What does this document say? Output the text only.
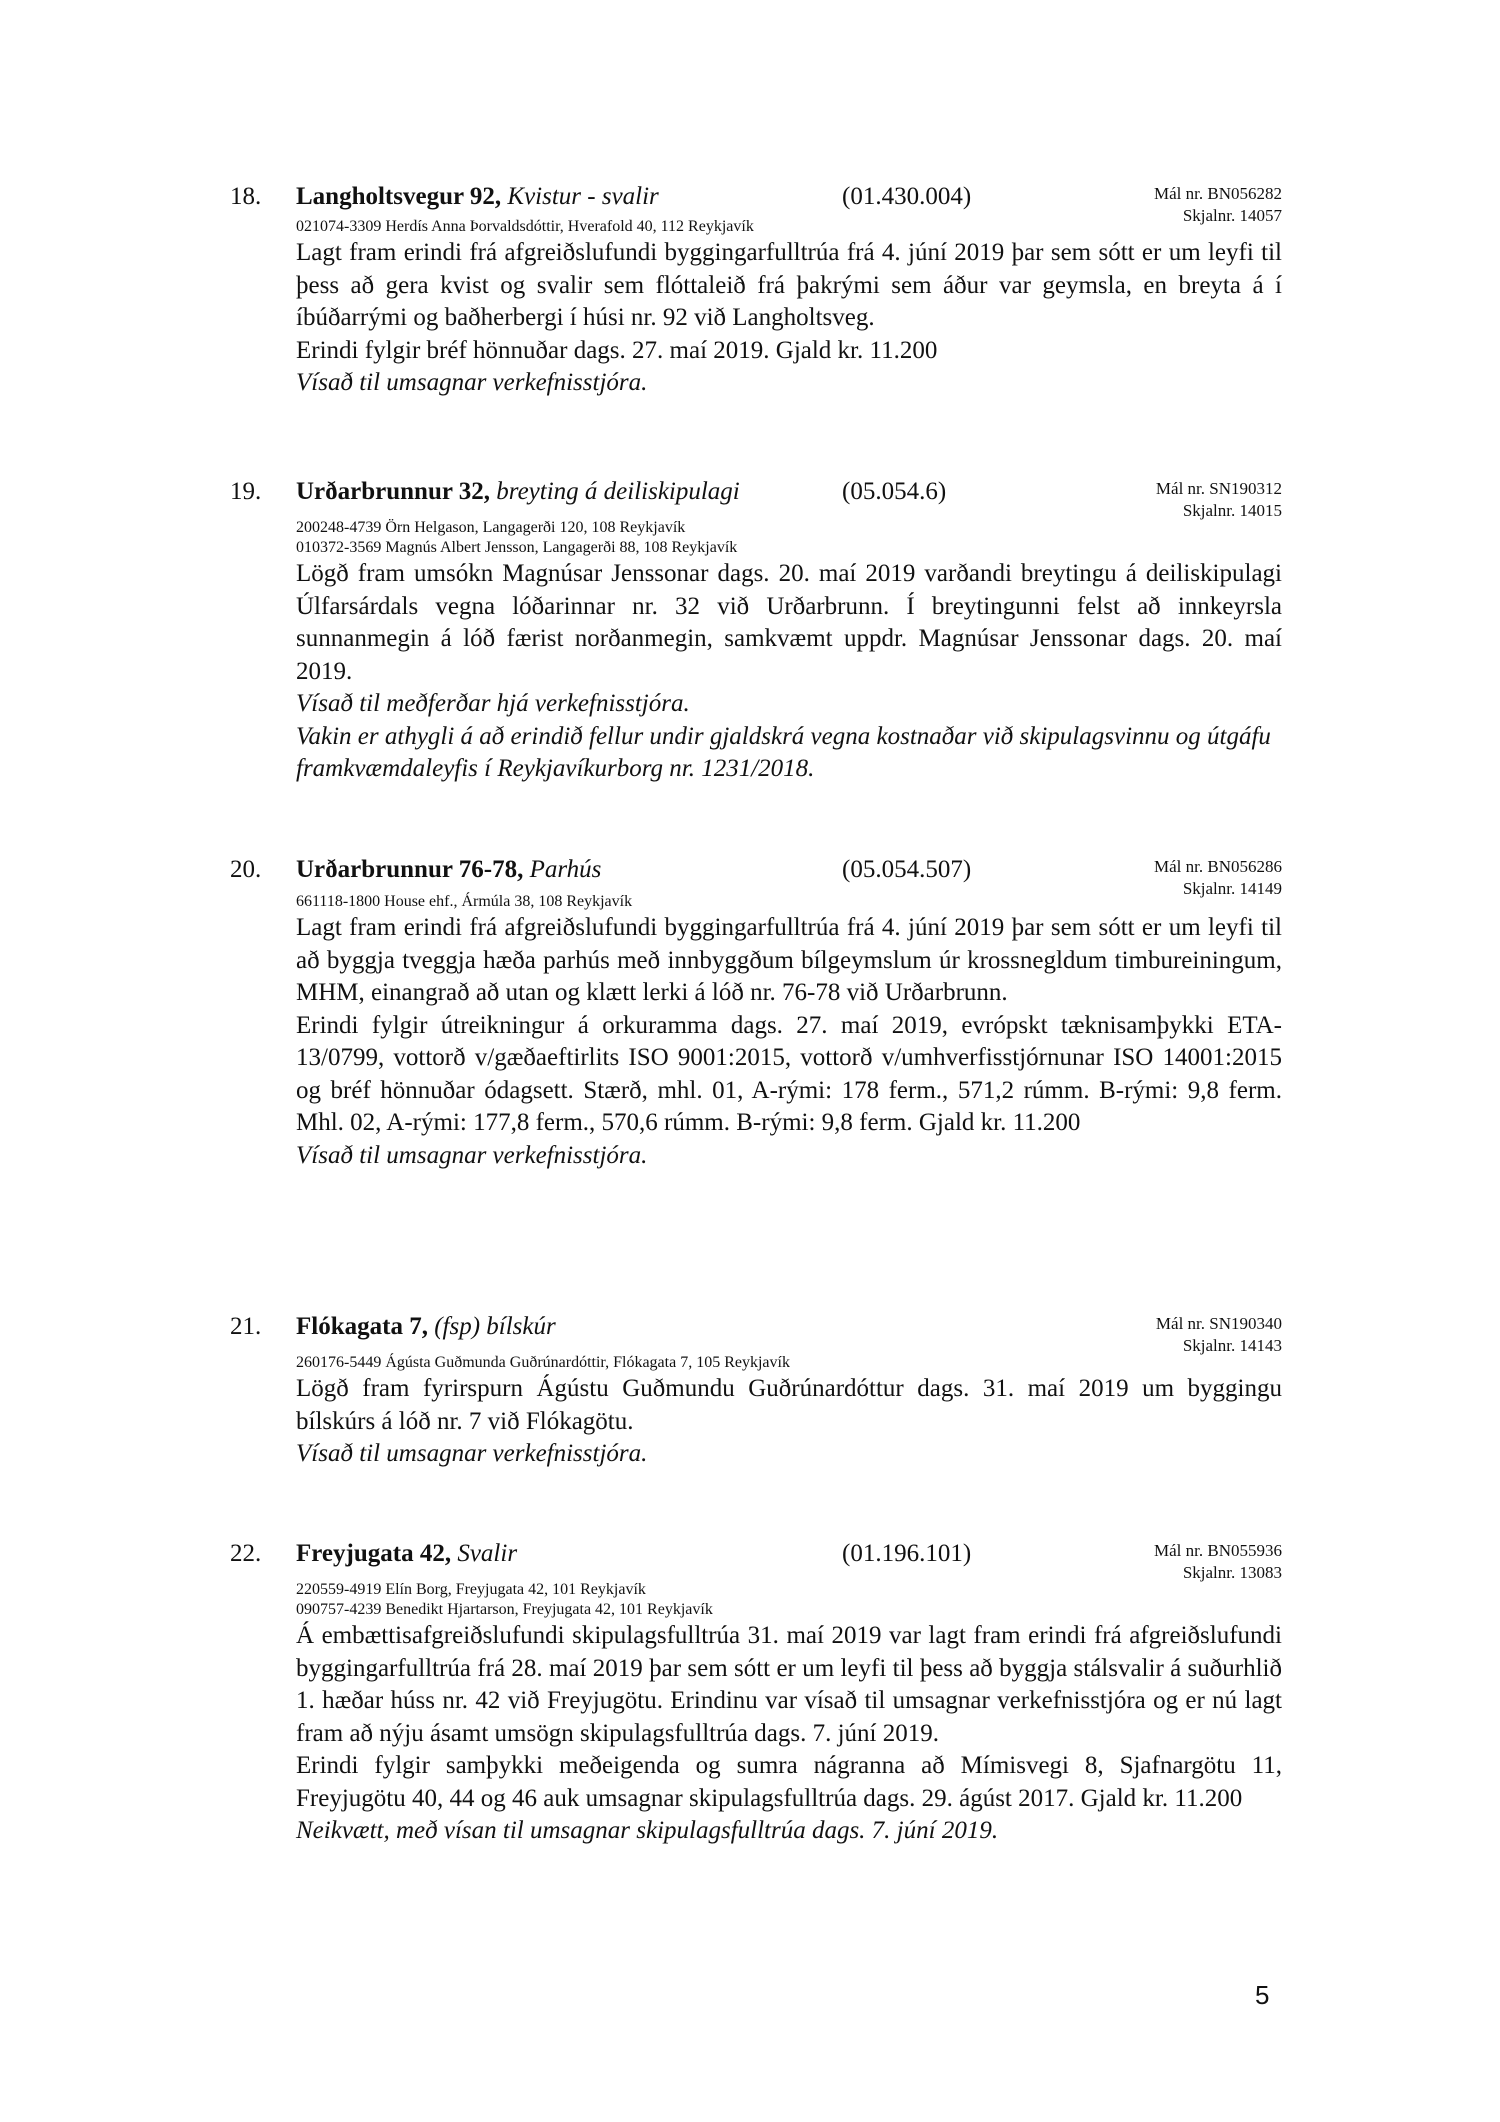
18. Langholtsvegur 92, Kvistur - svalir	(01.430.004)	Mál nr. BN056282
Skjalnr. 14057
021074-3309 Herdís Anna Þorvaldsdóttir, Hverafold 40, 112 Reykjavík
Lagt fram erindi frá afgreiðslufundi byggingarfulltrúa frá 4. júní 2019 þar sem sótt er um leyfi til þess að gera kvist og svalir sem flóttaleið frá þakrými sem áður var geymsla, en breyta á í íbúðarrými og baðherbergi í húsi nr. 92 við Langholtsveg.
Erindi fylgir bréf hönnuðar dags. 27. maí 2019. Gjald kr. 11.200
Vísað til umsagnar verkefnisstjóra.
19. Urðarbrunnur 32, breyting á deiliskipulagi	(05.054.6)	Mál nr. SN190312
Skjalnr. 14015
200248-4739 Örn Helgason, Langagerði 120, 108 Reykjavík
010372-3569 Magnús Albert Jensson, Langagerði 88, 108 Reykjavík
Lögð fram umsókn Magnúsar Jenssonar dags. 20. maí 2019 varðandi breytingu á deiliskipulagi Úlfarsárdals vegna lóðarinnar nr. 32 við Urðarbrunn. Í breytingunni felst að innkeyrsla sunnanmegin á lóð færist norðanmegin, samkvæmt uppdr. Magnúsar Jenssonar dags. 20. maí 2019.
Vísað til meðferðar hjá verkefnisstjóra.
Vakin er athygli á að erindið fellur undir gjaldskrá vegna kostnaðar við skipulagsvinnu og útgáfu framkvæmdaleyfis í Reykjavíkurborg nr. 1231/2018.
20. Urðarbrunnur 76-78, Parhús	(05.054.507)	Mál nr. BN056286
Skjalnr. 14149
661118-1800 House ehf., Ármúla 38, 108 Reykjavík
Lagt fram erindi frá afgreiðslufundi byggingarfulltrúa frá 4. júní 2019 þar sem sótt er um leyfi til að byggja tveggja hæða parhús með innbyggðum bílgeymslum úr krossnegldum timbureiningum, MHM, einangrað að utan og klætt lerki á lóð nr. 76-78 við Urðarbrunn.
Erindi fylgir útreikningur á orkuramma dags. 27. maí 2019, evrópskt tæknisamþykki ETA-13/0799, vottorð v/gæðaeftirlits ISO 9001:2015, vottorð v/umhverfisstjórnunar ISO 14001:2015 og bréf hönnuðar ódagsett. Stærð, mhl. 01, A-rými: 178 ferm., 571,2 rúmm. B-rými: 9,8 ferm. Mhl. 02, A-rými: 177,8 ferm., 570,6 rúmm. B-rými: 9,8 ferm. Gjald kr. 11.200
Vísað til umsagnar verkefnisstjóra.
21. Flókagata 7, (fsp) bílskúr	Mál nr. SN190340
Skjalnr. 14143
260176-5449 Ágústa Guðmunda Guðrúnardóttir, Flókagata 7, 105 Reykjavík
Lögð fram fyrirspurn Ágústu Guðmundu Guðrúnardóttur dags. 31. maí 2019 um byggingu bílskúrs á lóð nr. 7 við Flókagötu.
Vísað til umsagnar verkefnisstjóra.
22. Freyjugata 42, Svalir	(01.196.101)	Mál nr. BN055936
Skjalnr. 13083
220559-4919 Elín Borg, Freyjugata 42, 101 Reykjavík
090757-4239 Benedikt Hjartarson, Freyjugata 42, 101 Reykjavík
Á embættisafgreiðslufundi skipulagsfulltrúa 31. maí 2019 var lagt fram erindi frá afgreiðslufundi byggingarfulltrúa frá 28. maí 2019 þar sem sótt er um leyfi til þess að byggja stálsvalir á suðurhlið 1. hæðar húss nr. 42 við Freyjugötu. Erindinu var vísað til umsagnar verkefnisstjóra og er nú lagt fram að nýju ásamt umsögn skipulagsfulltrúa dags. 7. júní 2019.
Erindi fylgir samþykki meðeigenda og sumra nágranna að Mímisvegi 8, Sjafnargötu 11, Freyjugötu 40, 44 og 46 auk umsagnar skipulagsfulltrúa dags. 29. ágúst 2017. Gjald kr. 11.200
Neikvætt, með vísan til umsagnar skipulagsfulltrúa dags. 7. júní 2019.
5
